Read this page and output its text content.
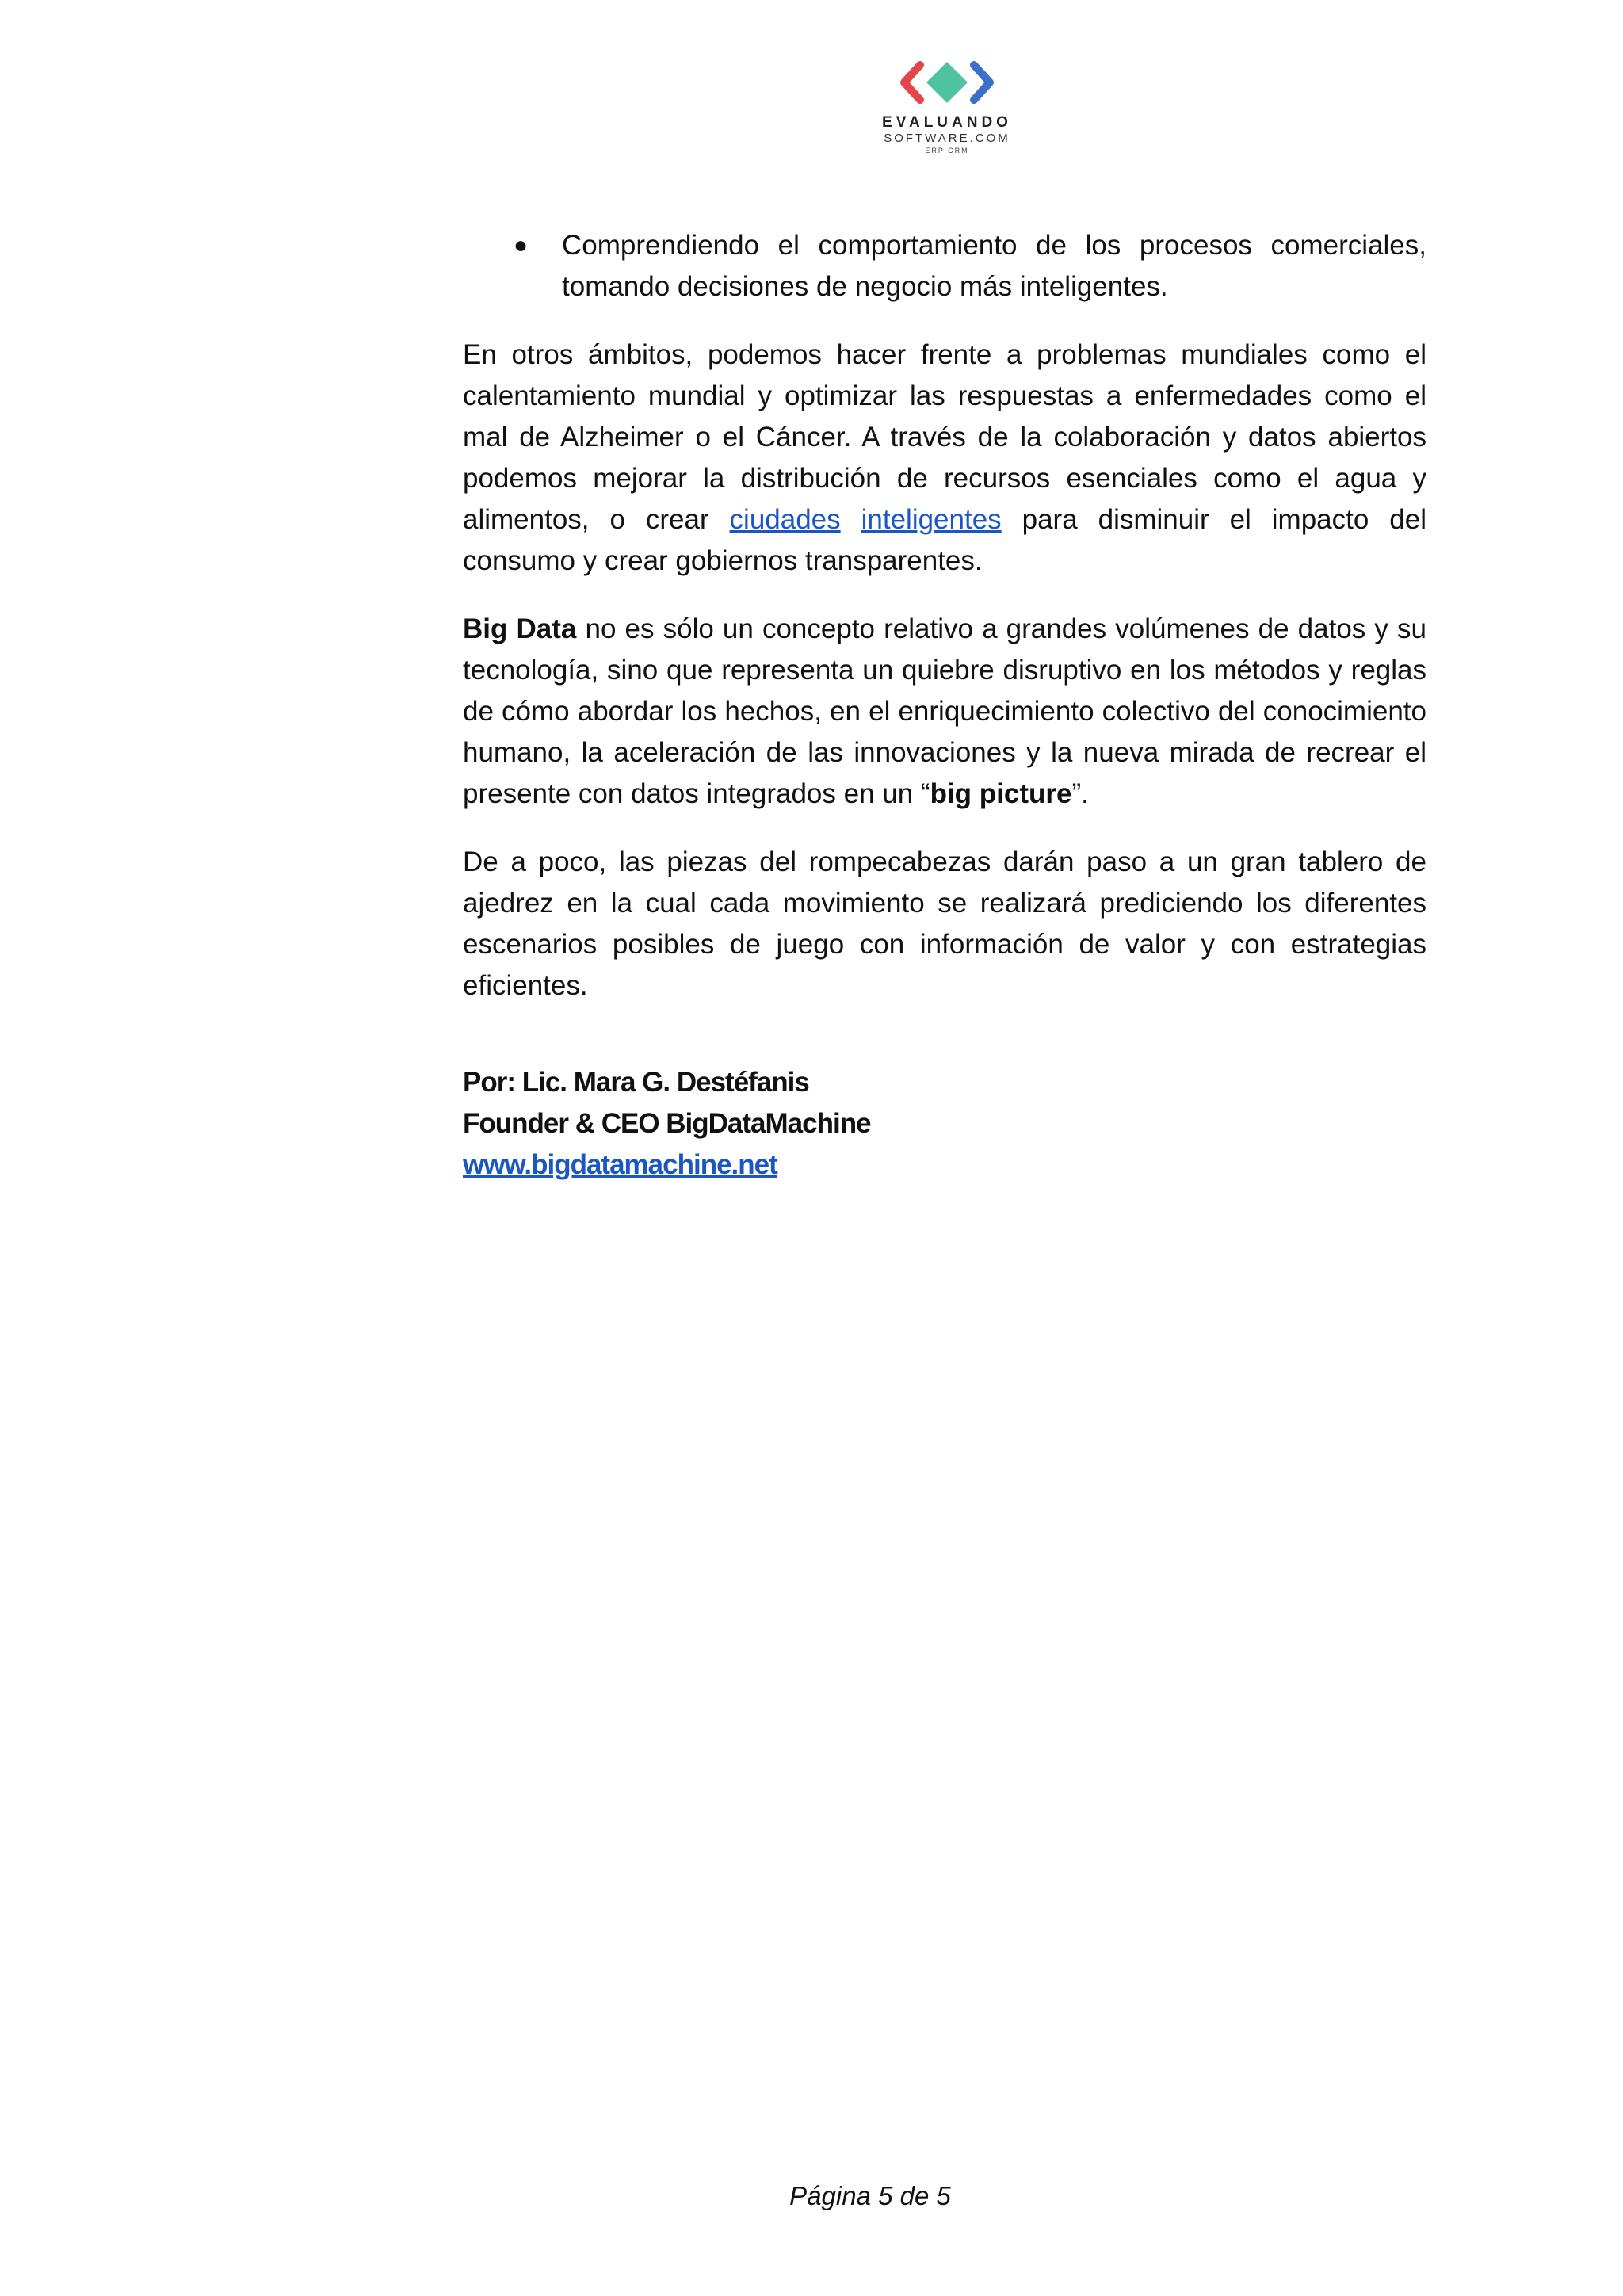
EVALUANDO
SOFTWARE.COM
ERP CRM
● Comprendiendo el comportamiento de los procesos comerciales, tomando decisiones de negocio más inteligentes.

En otros ámbitos, podemos hacer frente a problemas mundiales como el calentamiento mundial y optimizar las respuestas a enfermedades como el mal de Alzheimer o el Cáncer. A través de la colaboración y datos abiertos podemos mejorar la distribución de recursos esenciales como el agua y alimentos, o crear ciudades inteligentes para disminuir el impacto del consumo y crear gobiernos transparentes.

Big Data no es sólo un concepto relativo a grandes volúmenes de datos y su tecnología, sino que representa un quiebre disruptivo en los métodos y reglas de cómo abordar los hechos, en el enriquecimiento colectivo del conocimiento humano, la aceleración de las innovaciones y la nueva mirada de recrear el presente con datos integrados en un “big picture”.

De a poco, las piezas del rompecabezas darán paso a un gran tablero de ajedrez en la cual cada movimiento se realizará prediciendo los diferentes escenarios posibles de juego con información de valor y con estrategias eficientes.

Por: Lic. Mara G. Destéfanis
Founder & CEO BigDataMachine
www.bigdatamachine.net
Página 5 de 5
